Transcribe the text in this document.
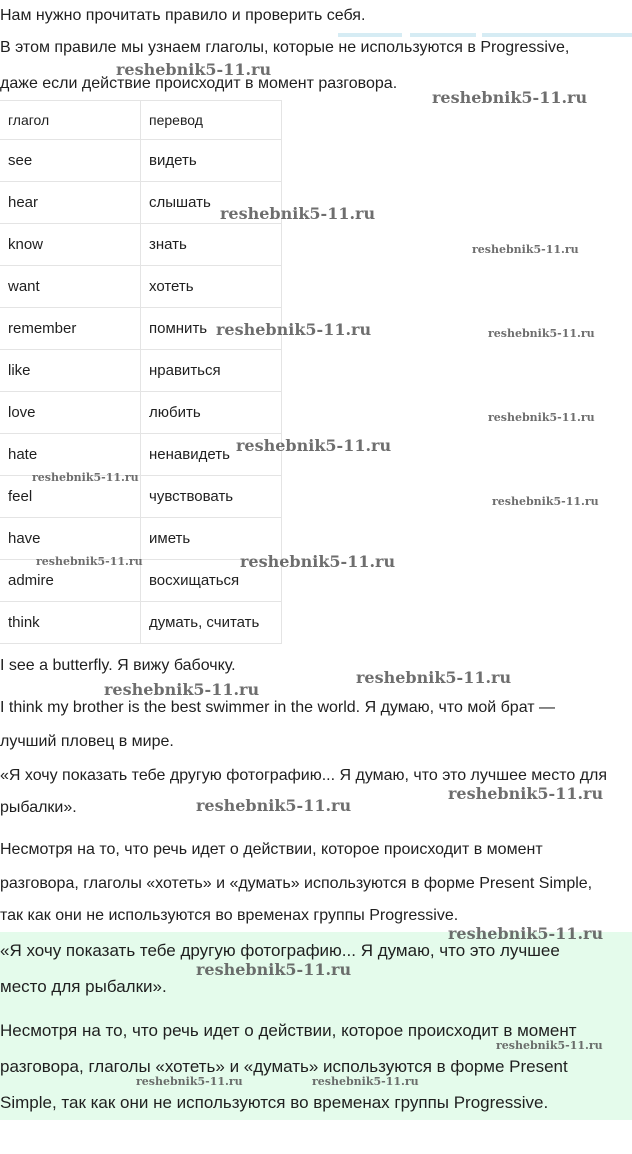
Нам нужно прочитать правило и проверить себя.

В этом правиле мы узнаем глаголы, которые не используются в Progressive,

даже если действие происходит в момент разговора.

глагол	перевод
see	видеть
hear	слышать
know	знать
want	хотеть
remember	помнить
like	нравиться
love	любить
hate	ненавидеть
feel	чувствовать
have	иметь
admire	восхищаться
think	думать, считать

I see a butterfly. Я вижу бабочку.

I think my brother is the best swimmer in the world. Я думаю, что мой брат —

лучший пловец в мире.

«Я хочу показать тебе другую фотографию... Я думаю, что это лучшее место для

рыбалки».

Несмотря на то, что речь идет о действии, которое происходит в момент

разговора, глаголы «хотеть» и «думать» используются в форме Present Simple,

так как они не используются во временах группы Progressive.

«Я хочу показать тебе другую фотографию... Я думаю, что это лучшее

место для рыбалки».

Несмотря на то, что речь идет о действии, которое происходит в момент

разговора, глаголы «хотеть» и «думать» используются в форме Present

Simple, так как они не используются во временах группы Progressive.

reshebnik5-11.ru
reshebnik5-11.ru
reshebnik5-11.ru
reshebnik5-11.ru
reshebnik5-11.ru	reshebnik5-11.ru
reshebnik5-11.ru
reshebnik5-11.ru
reshebnik5-11.ru
reshebnik5-11.ru
reshebnik5-11.ru	reshebnik5-11.ru
reshebnik5-11.ru
reshebnik5-11.ru
reshebnik5-11.ru
reshebnik5-11.ru
reshebnik5-11.ru
reshebnik5-11.ru
reshebnik5-11.ru
reshebnik5-11.ru	reshebnik5-11.ru
